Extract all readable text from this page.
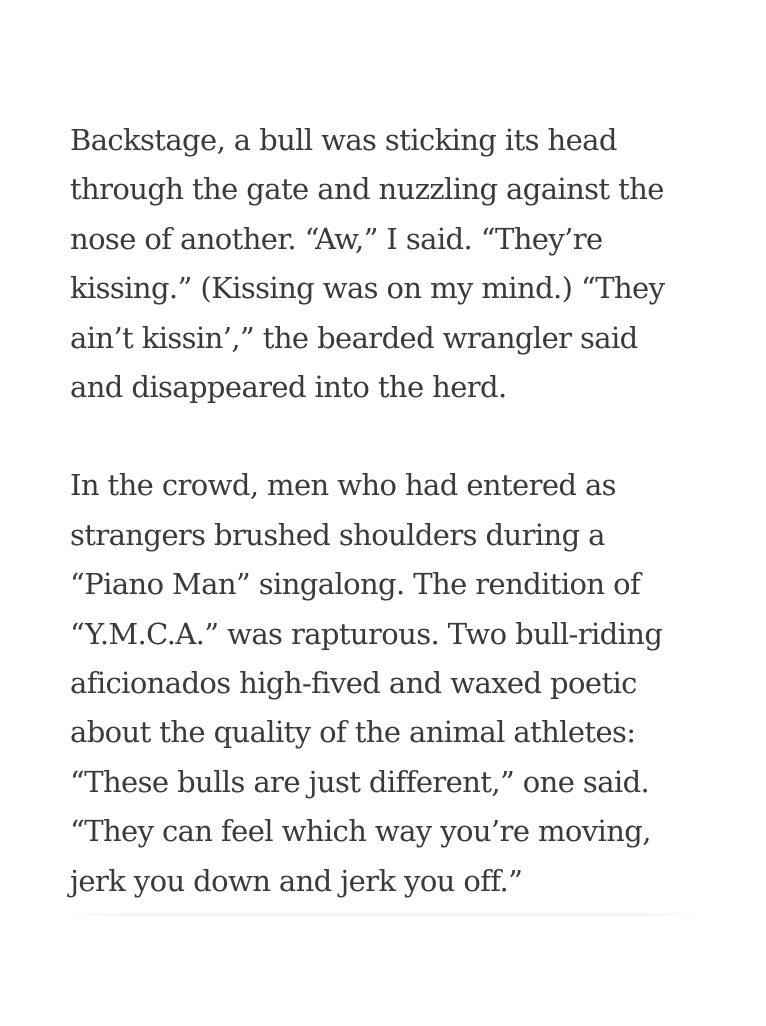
Backstage, a bull was sticking its head
through the gate and nuzzling against the
nose of another. “Aw,” I said. “They’re
kissing.” (Kissing was on my mind.) “They
ain’t kissin’,” the bearded wrangler said
and disappeared into the herd.

In the crowd, men who had entered as
strangers brushed shoulders during a
“Piano Man” singalong. The rendition of
“Y.M.C.A.” was rapturous. Two bull-riding
aficionados high-fived and waxed poetic
about the quality of the animal athletes:
“These bulls are just different,” one said.
“They can feel which way you’re moving,
jerk you down and jerk you off.”
